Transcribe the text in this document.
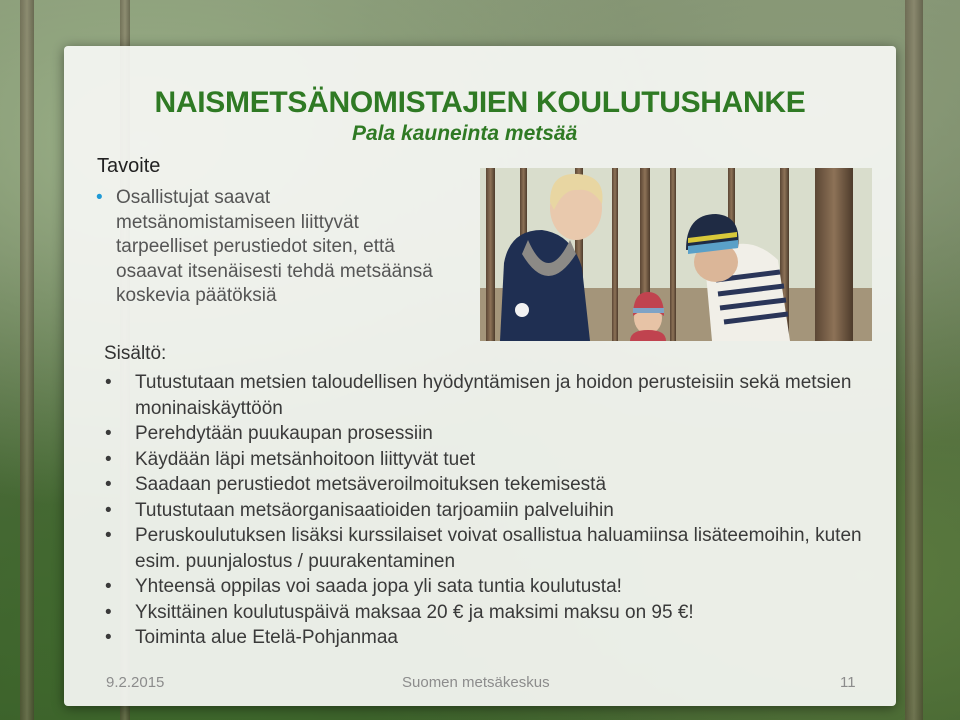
NAISMETSÄNOMISTAJIEN KOULUTUSHANKE
Pala kauneinta metsää
Tavoite
• Osallistujat saavat metsänomistamiseen liittyvät tarpeelliset perustiedot siten, että osaavat itsenäisesti tehdä metsäänsä koskevia päätöksiä
Sisältö:
• Tutustutaan metsien taloudellisen hyödyntämisen ja hoidon perusteisiin sekä metsien moninaiskäyttöön
• Perehdytään puukaupan prosessiin
• Käydään läpi metsänhoitoon liittyvät tuet
• Saadaan perustiedot metsäveroilmoituksen tekemisestä
• Tutustutaan metsäorganisaatioiden tarjoamiin palveluihin
• Peruskoulutuksen lisäksi kurssilaiset voivat osallistua haluamiinsa lisäteemoihin, kuten esim. puunjalostus / puurakentaminen
• Yhteensä oppilas voi saada jopa yli sata tuntia koulutusta!
• Yksittäinen koulutuspäivä maksaa 20 € ja maksimi maksu on 95 €!
• Toiminta alue Etelä-Pohjanmaa
9.2.2015	Suomen metsäkeskus	11
